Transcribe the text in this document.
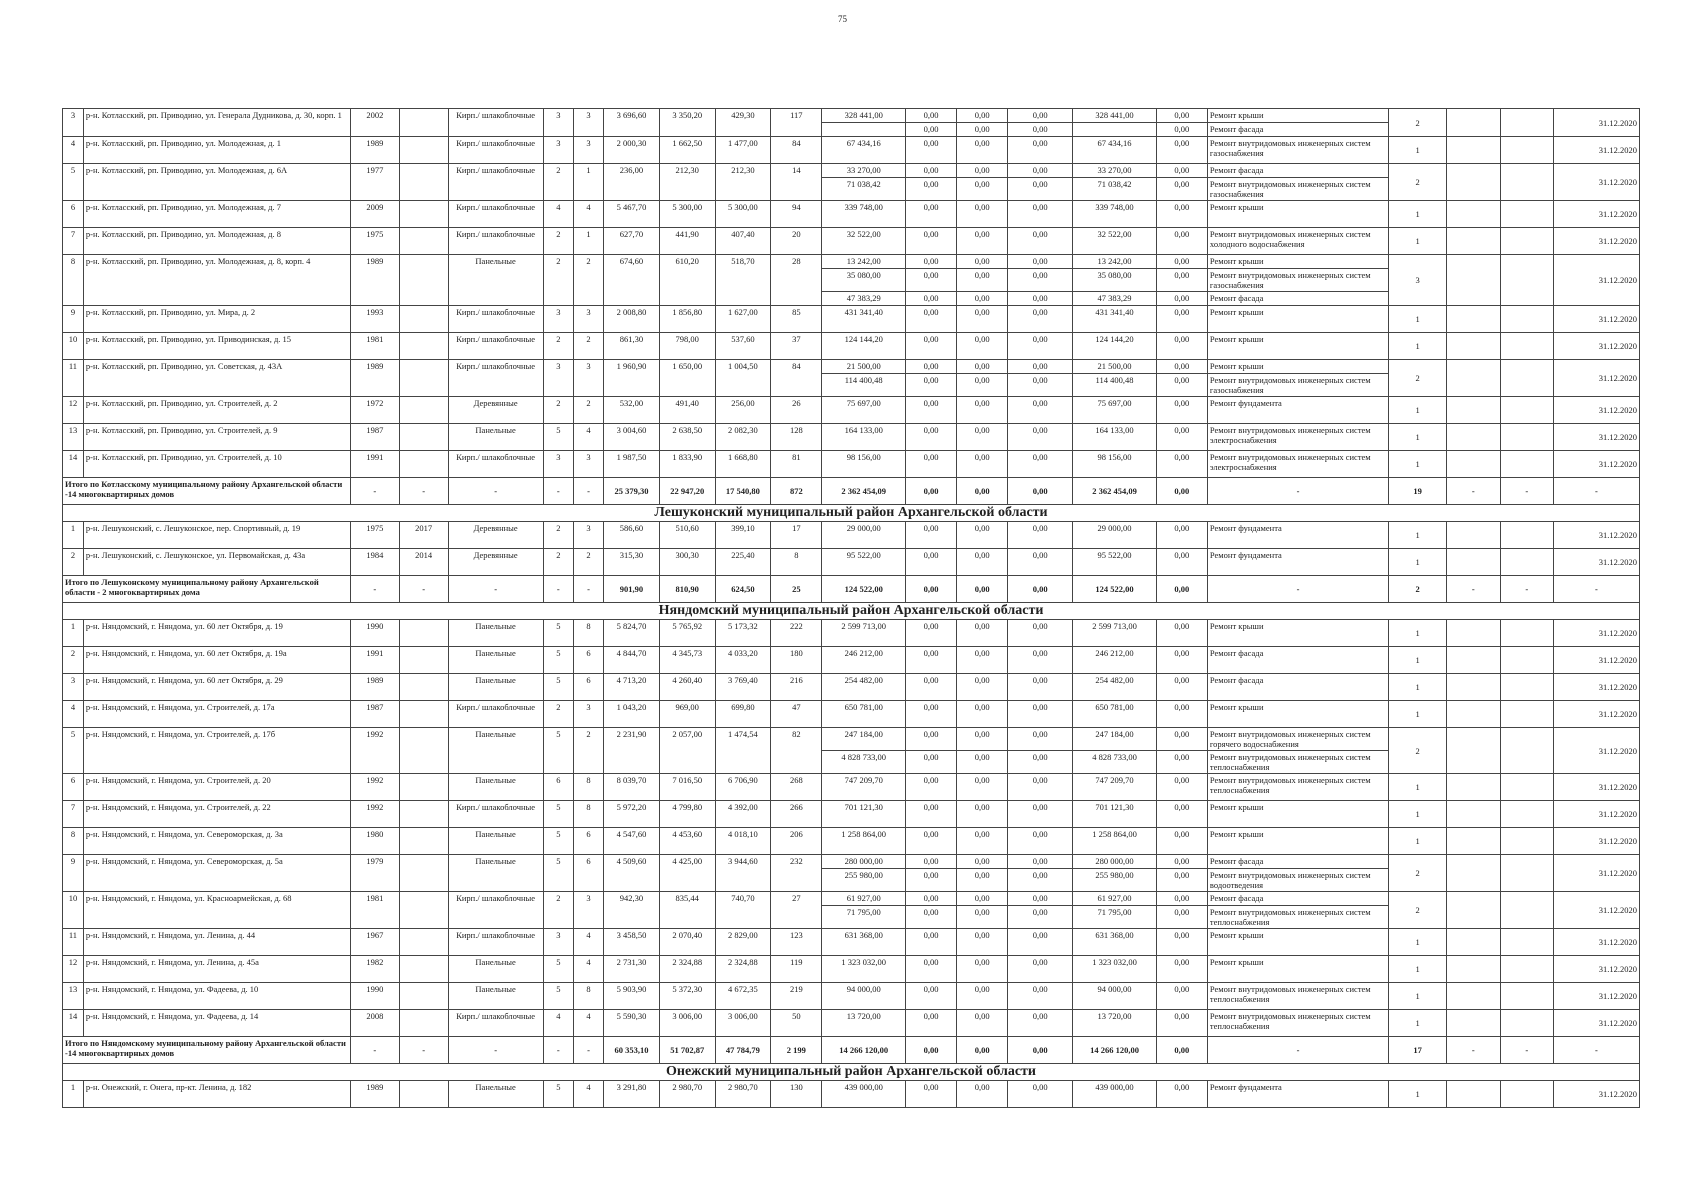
75
3	р-н. Котласский, рп. Приводино, ул. Генерала Дудникова, д. 30, корп. 1	2002		Кирп./ шлакоблочные	3	3	3 696,60	3 350,20	429,30	117	328 441,00	0,00	0,00	0,00	328 441,00	0,00	Ремонт крыши	2			31.12.2020
												0,00	0,00	0,00		0,00	Ремонт фасада				
4	р-н. Котласский, рп. Приводино, ул. Молодежная, д. 1	1989		Кирп./ шлакоблочные	3	3	2 000,30	1 662,50	1 477,00	84	67 434,16	0,00	0,00	0,00	67 434,16	0,00	Ремонт внутридомовых инженерных систем газоснабжения	1			31.12.2020
5	р-н. Котласский, рп. Приводино, ул. Молодежная, д. 6А	1977		Кирп./ шлакоблочные	2	1	236,00	212,30	212,30	14	33 270,00	0,00	0,00	0,00	33 270,00	0,00	Ремонт фасада	2			31.12.2020
											71 038,42	0,00	0,00	0,00	71 038,42	0,00	Ремонт внутридомовых инженерных систем газоснабжения				
6	р-н. Котласский, рп. Приводино, ул. Молодежная, д. 7	2009		Кирп./ шлакоблочные	4	4	5 467,70	5 300,00	5 300,00	94	339 748,00	0,00	0,00	0,00	339 748,00	0,00	Ремонт крыши	1			31.12.2020
7	р-н. Котласский, рп. Приводино, ул. Молодежная, д. 8	1975		Кирп./ шлакоблочные	2	1	627,70	441,90	407,40	20	32 522,00	0,00	0,00	0,00	32 522,00	0,00	Ремонт внутридомовых инженерных систем холодного водоснабжения	1			31.12.2020
8	р-н. Котласский, рп. Приводино, ул. Молодежная, д. 8, корп. 4	1989		Панельные	2	2	674,60	610,20	518,70	28	13 242,00	0,00	0,00	0,00	13 242,00	0,00	Ремонт крыши	3			31.12.2020
											35 080,00	0,00	0,00	0,00	35 080,00	0,00	Ремонт внутридомовых инженерных систем газоснабжения				
											47 383,29	0,00	0,00	0,00	47 383,29	0,00	Ремонт фасада				
9	р-н. Котласский, рп. Приводино, ул. Мира, д. 2	1993		Кирп./ шлакоблочные	3	3	2 008,80	1 856,80	1 627,00	85	431 341,40	0,00	0,00	0,00	431 341,40	0,00	Ремонт крыши	1			31.12.2020
10	р-н. Котласский, рп. Приводино, ул. Приводинская, д. 15	1981		Кирп./ шлакоблочные	2	2	861,30	798,00	537,60	37	124 144,20	0,00	0,00	0,00	124 144,20	0,00	Ремонт крыши	1			31.12.2020
11	р-н. Котласский, рп. Приводино, ул. Советская, д. 43А	1989		Кирп./ шлакоблочные	3	3	1 960,90	1 650,00	1 004,50	84	21 500,00	0,00	0,00	0,00	21 500,00	0,00	Ремонт крыши	2			31.12.2020
											114 400,48	0,00	0,00	0,00	114 400,48	0,00	Ремонт внутридомовых инженерных систем газоснабжения				
12	р-н. Котласский, рп. Приводино, ул. Строителей, д. 2	1972		Деревянные	2	2	532,00	491,40	256,00	26	75 697,00	0,00	0,00	0,00	75 697,00	0,00	Ремонт фундамента	1			31.12.2020
13	р-н. Котласский, рп. Приводино, ул. Строителей, д. 9	1987		Панельные	5	4	3 004,60	2 638,50	2 082,30	128	164 133,00	0,00	0,00	0,00	164 133,00	0,00	Ремонт внутридомовых инженерных систем электроснабжения	1			31.12.2020
14	р-н. Котласский, рп. Приводино, ул. Строителей, д. 10	1991		Кирп./ шлакоблочные	3	3	1 987,50	1 833,90	1 668,80	81	98 156,00	0,00	0,00	0,00	98 156,00	0,00	Ремонт внутридомовых инженерных систем электроснабжения	1			31.12.2020
Итого по Котласскому муниципальному району Архангельской области -14 многоквартирных домов		-	-	-	-	-	25 379,30	22 947,20	17 540,80	872	2 362 454,09	0,00	0,00	0,00	2 362 454,09	0,00	-	19	-	-	-
Лешуконский муниципальный район Архангельской области																					
1	р-н. Лешуконский, с. Лешуконское, пер. Спортивный, д. 19	1975	2017	Деревянные	2	3	586,60	510,60	399,10	17	29 000,00	0,00	0,00	0,00	29 000,00	0,00	Ремонт фундамента	1			31.12.2020
2	р-н. Лешуконский, с. Лешуконское, ул. Первомайская, д. 43а	1984	2014	Деревянные	2	2	315,30	300,30	225,40	8	95 522,00	0,00	0,00	0,00	95 522,00	0,00	Ремонт фундамента	1			31.12.2020
Итого по Лешуконскому муниципальному району Архангельской области - 2 многоквартирных дома		-	-	-	-	-	901,90	810,90	624,50	25	124 522,00	0,00	0,00	0,00	124 522,00	0,00	-	2	-	-	-
Няндомский муниципальный район Архангельской области																					
1	р-н. Няндомский, г. Няндома, ул. 60 лет Октября, д. 19	1990		Панельные	5	8	5 824,70	5 765,92	5 173,32	222	2 599 713,00	0,00	0,00	0,00	2 599 713,00	0,00	Ремонт крыши	1			31.12.2020
2	р-н. Няндомский, г. Няндома, ул. 60 лет Октября, д. 19а	1991		Панельные	5	6	4 844,70	4 345,73	4 033,20	180	246 212,00	0,00	0,00	0,00	246 212,00	0,00	Ремонт фасада	1			31.12.2020
3	р-н. Няндомский, г. Няндома, ул. 60 лет Октября, д. 29	1989		Панельные	5	6	4 713,20	4 260,40	3 769,40	216	254 482,00	0,00	0,00	0,00	254 482,00	0,00	Ремонт фасада	1			31.12.2020
4	р-н. Няндомский, г. Няндома, ул. Строителей, д. 17а	1987		Кирп./ шлакоблочные	2	3	1 043,20	969,00	699,80	47	650 781,00	0,00	0,00	0,00	650 781,00	0,00	Ремонт крыши	1			31.12.2020
5	р-н. Няндомский, г. Няндома, ул. Строителей, д. 17б	1992		Панельные	5	2	2 231,90	2 057,00	1 474,54	82	247 184,00	0,00	0,00	0,00	247 184,00	0,00	Ремонт внутридомовых инженерных систем горячего водоснабжения	2			31.12.2020
											4 828 733,00	0,00	0,00	0,00	4 828 733,00	0,00	Ремонт внутридомовых инженерных систем теплоснабжения				
6	р-н. Няндомский, г. Няндома, ул. Строителей, д. 20	1992		Панельные	6	8	8 039,70	7 016,50	6 706,90	268	747 209,70	0,00	0,00	0,00	747 209,70	0,00	Ремонт внутридомовых инженерных систем теплоснабжения	1			31.12.2020
7	р-н. Няндомский, г. Няндома, ул. Строителей, д. 22	1992		Кирп./ шлакоблочные	5	8	5 972,20	4 799,80	4 392,00	266	701 121,30	0,00	0,00	0,00	701 121,30	0,00	Ремонт крыши	1			31.12.2020
8	р-н. Няндомский, г. Няндома, ул. Североморская, д. 3а	1980		Панельные	5	6	4 547,60	4 453,60	4 018,10	206	1 258 864,00	0,00	0,00	0,00	1 258 864,00	0,00	Ремонт крыши	1			31.12.2020
9	р-н. Няндомский, г. Няндома, ул. Североморская, д. 5а	1979		Панельные	5	6	4 509,60	4 425,00	3 944,60	232	280 000,00	0,00	0,00	0,00	280 000,00	0,00	Ремонт фасада	2			31.12.2020
											255 980,00	0,00	0,00	0,00	255 980,00	0,00	Ремонт внутридомовых инженерных систем водоотведения				
10	р-н. Няндомский, г. Няндома, ул. Красноармейская, д. 68	1981		Кирп./ шлакоблочные	2	3	942,30	835,44	740,70	27	61 927,00	0,00	0,00	0,00	61 927,00	0,00	Ремонт фасада	2			31.12.2020
											71 795,00	0,00	0,00	0,00	71 795,00	0,00	Ремонт внутридомовых инженерных систем теплоснабжения				
11	р-н. Няндомский, г. Няндома, ул. Ленина, д. 44	1967		Кирп./ шлакоблочные	3	4	3 458,50	2 070,40	2 829,00	123	631 368,00	0,00	0,00	0,00	631 368,00	0,00	Ремонт крыши	1			31.12.2020
12	р-н. Няндомский, г. Няндома, ул. Ленина, д. 45а	1982		Панельные	5	4	2 731,30	2 324,88	2 324,88	119	1 323 032,00	0,00	0,00	0,00	1 323 032,00	0,00	Ремонт крыши	1			31.12.2020
13	р-н. Няндомский, г. Няндома, ул. Фадеева, д. 10	1990		Панельные	5	8	5 903,90	5 372,30	4 672,35	219	94 000,00	0,00	0,00	0,00	94 000,00	0,00	Ремонт внутридомовых инженерных систем теплоснабжения	1			31.12.2020
14	р-н. Няндомский, г. Няндома, ул. Фадеева, д. 14	2008		Кирп./ шлакоблочные	4	4	5 590,30	3 006,00	3 006,00	50	13 720,00	0,00	0,00	0,00	13 720,00	0,00	Ремонт внутридомовых инженерных систем теплоснабжения	1			31.12.2020
Итого по Няндомскому муниципальному району Архангельской области -14 многоквартирных домов		-	-	-	-	-	60 353,10	51 702,87	47 784,79	2 199	14 266 120,00	0,00	0,00	0,00	14 266 120,00	0,00	-	17	-	-	-
Онежский муниципальный район Архангельской области																					
1	р-н. Онежский, г. Онега, пр-кт. Ленина, д. 182	1989		Панельные	5	4	3 291,80	2 980,70	2 980,70	130	439 000,00	0,00	0,00	0,00	439 000,00	0,00	Ремонт фундамента	1			31.12.2020
